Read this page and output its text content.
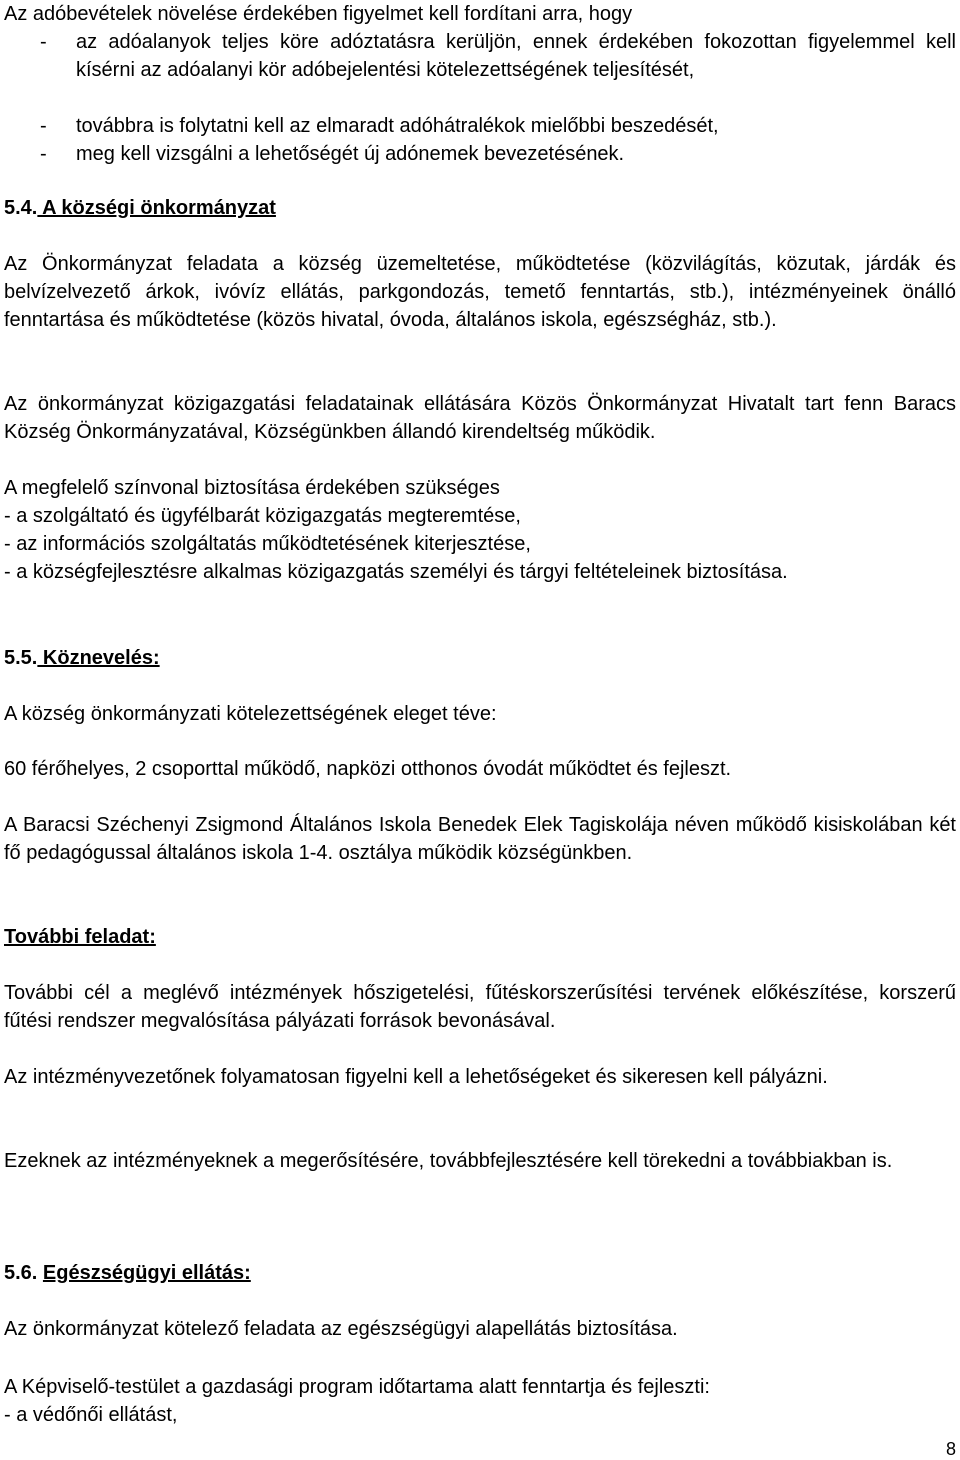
Az adóbevételek növelése érdekében figyelmet kell fordítani arra, hogy

- az adóalanyok teljes köre adóztatásra kerüljön, ennek érdekében fokozottan figyelemmel kell kísérni az adóalanyi kör adóbejelentési kötelezettségének teljesítését,

- továbbra is folytatni kell az elmaradt adóhátralékok mielőbbi beszedését,

- meg kell vizsgálni a lehetőségét új adónemek bevezetésének.

5.4. A községi önkormányzat

Az Önkormányzat feladata a község üzemeltetése, működtetése (közvilágítás, közutak, járdák és belvízelvezető árkok, ivóvíz ellátás, parkgondozás, temető fenntartás, stb.), intézményeinek önálló fenntartása és működtetése (közös hivatal, óvoda, általános iskola, egészségház, stb.).

Az önkormányzat közigazgatási feladatainak ellátására Közös Önkormányzat Hivatalt tart fenn Baracs Község Önkormányzatával, Községünkben állandó kirendeltség működik.

A megfelelő színvonal biztosítása érdekében szükséges

- a szolgáltató és ügyfélbarát közigazgatás megteremtése,

- az információs szolgáltatás működtetésének kiterjesztése,

- a községfejlesztésre alkalmas közigazgatás személyi és tárgyi feltételeinek biztosítása.

5.5. Köznevelés:

A község önkormányzati kötelezettségének eleget téve:

60 férőhelyes, 2 csoporttal működő, napközi otthonos óvodát működtet és fejleszt.

A Baracsi Széchenyi Zsigmond Általános Iskola Benedek Elek Tagiskolája néven működő kisiskolában két fő pedagógussal általános iskola 1-4. osztálya működik községünkben.

További feladat:

További cél a meglévő intézmények hőszigetelési, fűtéskorszerűsítési tervének előkészítése, korszerű fűtési rendszer megvalósítása pályázati források bevonásával.

Az intézményvezetőnek folyamatosan figyelni kell a lehetőségeket és sikeresen kell pályázni.

Ezeknek az intézményeknek a megerősítésére, továbbfejlesztésére kell törekedni a továbbiakban is.

5.6. Egészségügyi ellátás:

Az önkormányzat kötelező feladata az egészségügyi alapellátás biztosítása.

A Képviselő-testület a gazdasági program időtartama alatt fenntartja és fejleszti:

- a védőnői ellátást,

8
